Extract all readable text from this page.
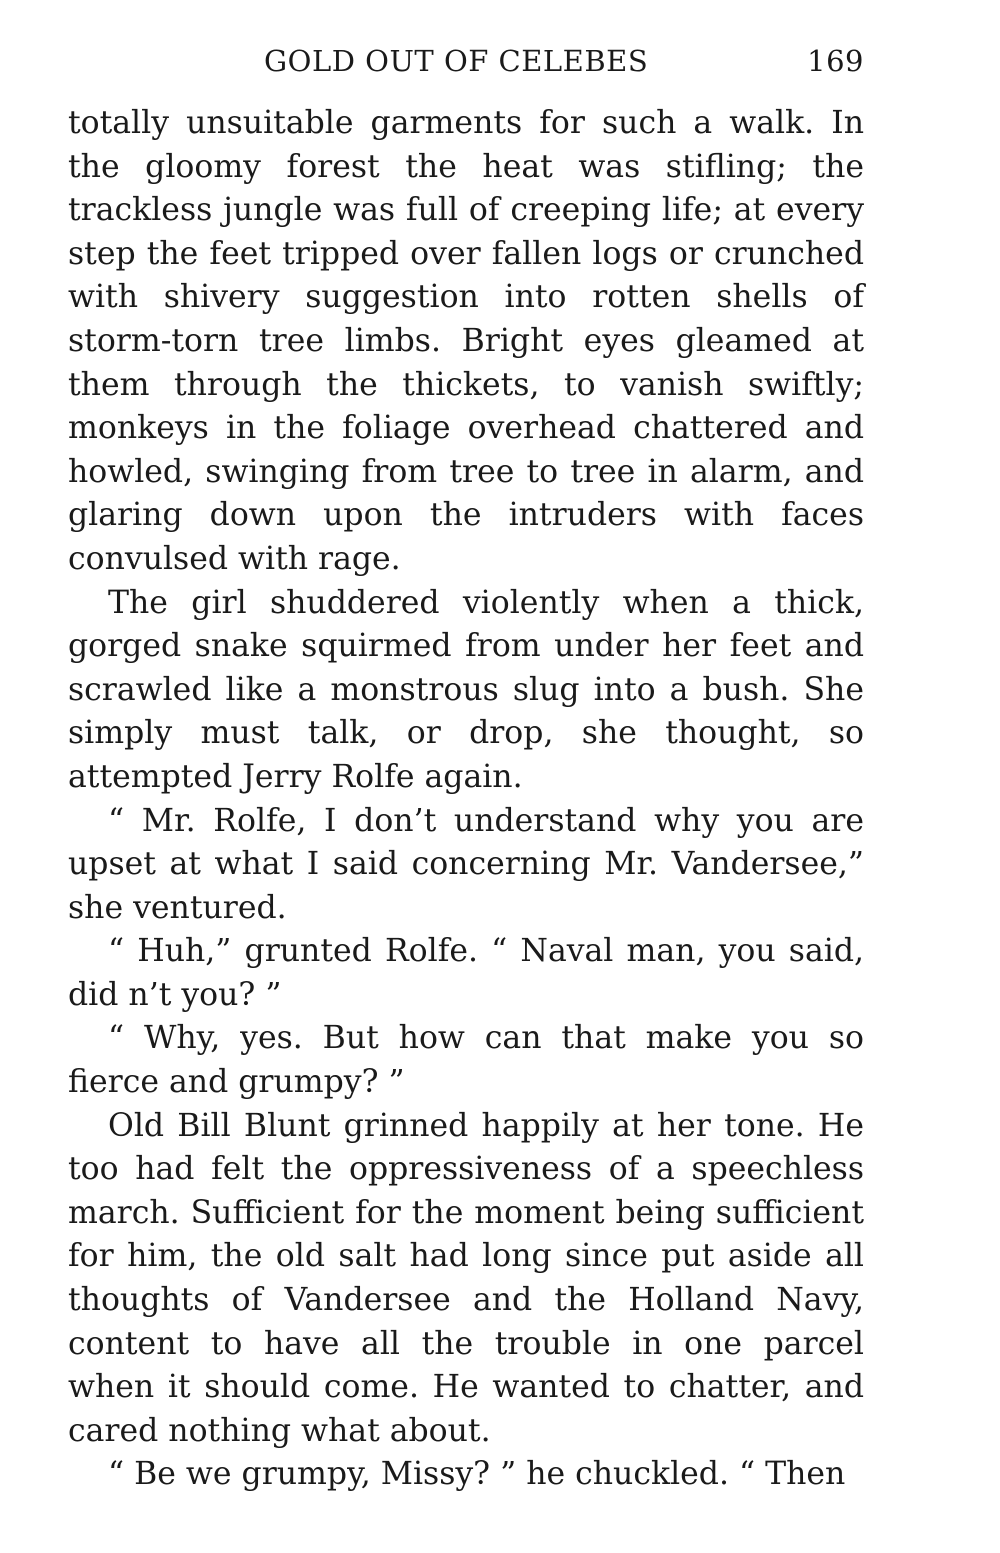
GOLD OUT OF CELEBES	169

totally unsuitable garments for such a walk. In the gloomy forest the heat was stifling; the trackless jungle was full of creeping life; at every step the feet tripped over fallen logs or crunched with shivery suggestion into rotten shells of storm-torn tree limbs. Bright eyes gleamed at them through the thickets, to vanish swiftly; monkeys in the foliage overhead chattered and howled, swinging from tree to tree in alarm, and glaring down upon the intruders with faces convulsed with rage.

The girl shuddered violently when a thick, gorged snake squirmed from under her feet and scrawled like a monstrous slug into a bush. She simply must talk, or drop, she thought, so attempted Jerry Rolfe again.

“ Mr. Rolfe, I don’t understand why you are upset at what I said concerning Mr. Vandersee,” she ventured.

“ Huh,” grunted Rolfe. “ Naval man, you said, did n’t you? ”

“ Why, yes. But how can that make you so fierce and grumpy? ”

Old Bill Blunt grinned happily at her tone. He too had felt the oppressiveness of a speechless march. Sufficient for the moment being sufficient for him, the old salt had long since put aside all thoughts of Vandersee and the Holland Navy, content to have all the trouble in one parcel when it should come. He wanted to chatter, and cared nothing what about.

“ Be we grumpy, Missy? ” he chuckled. “ Then
